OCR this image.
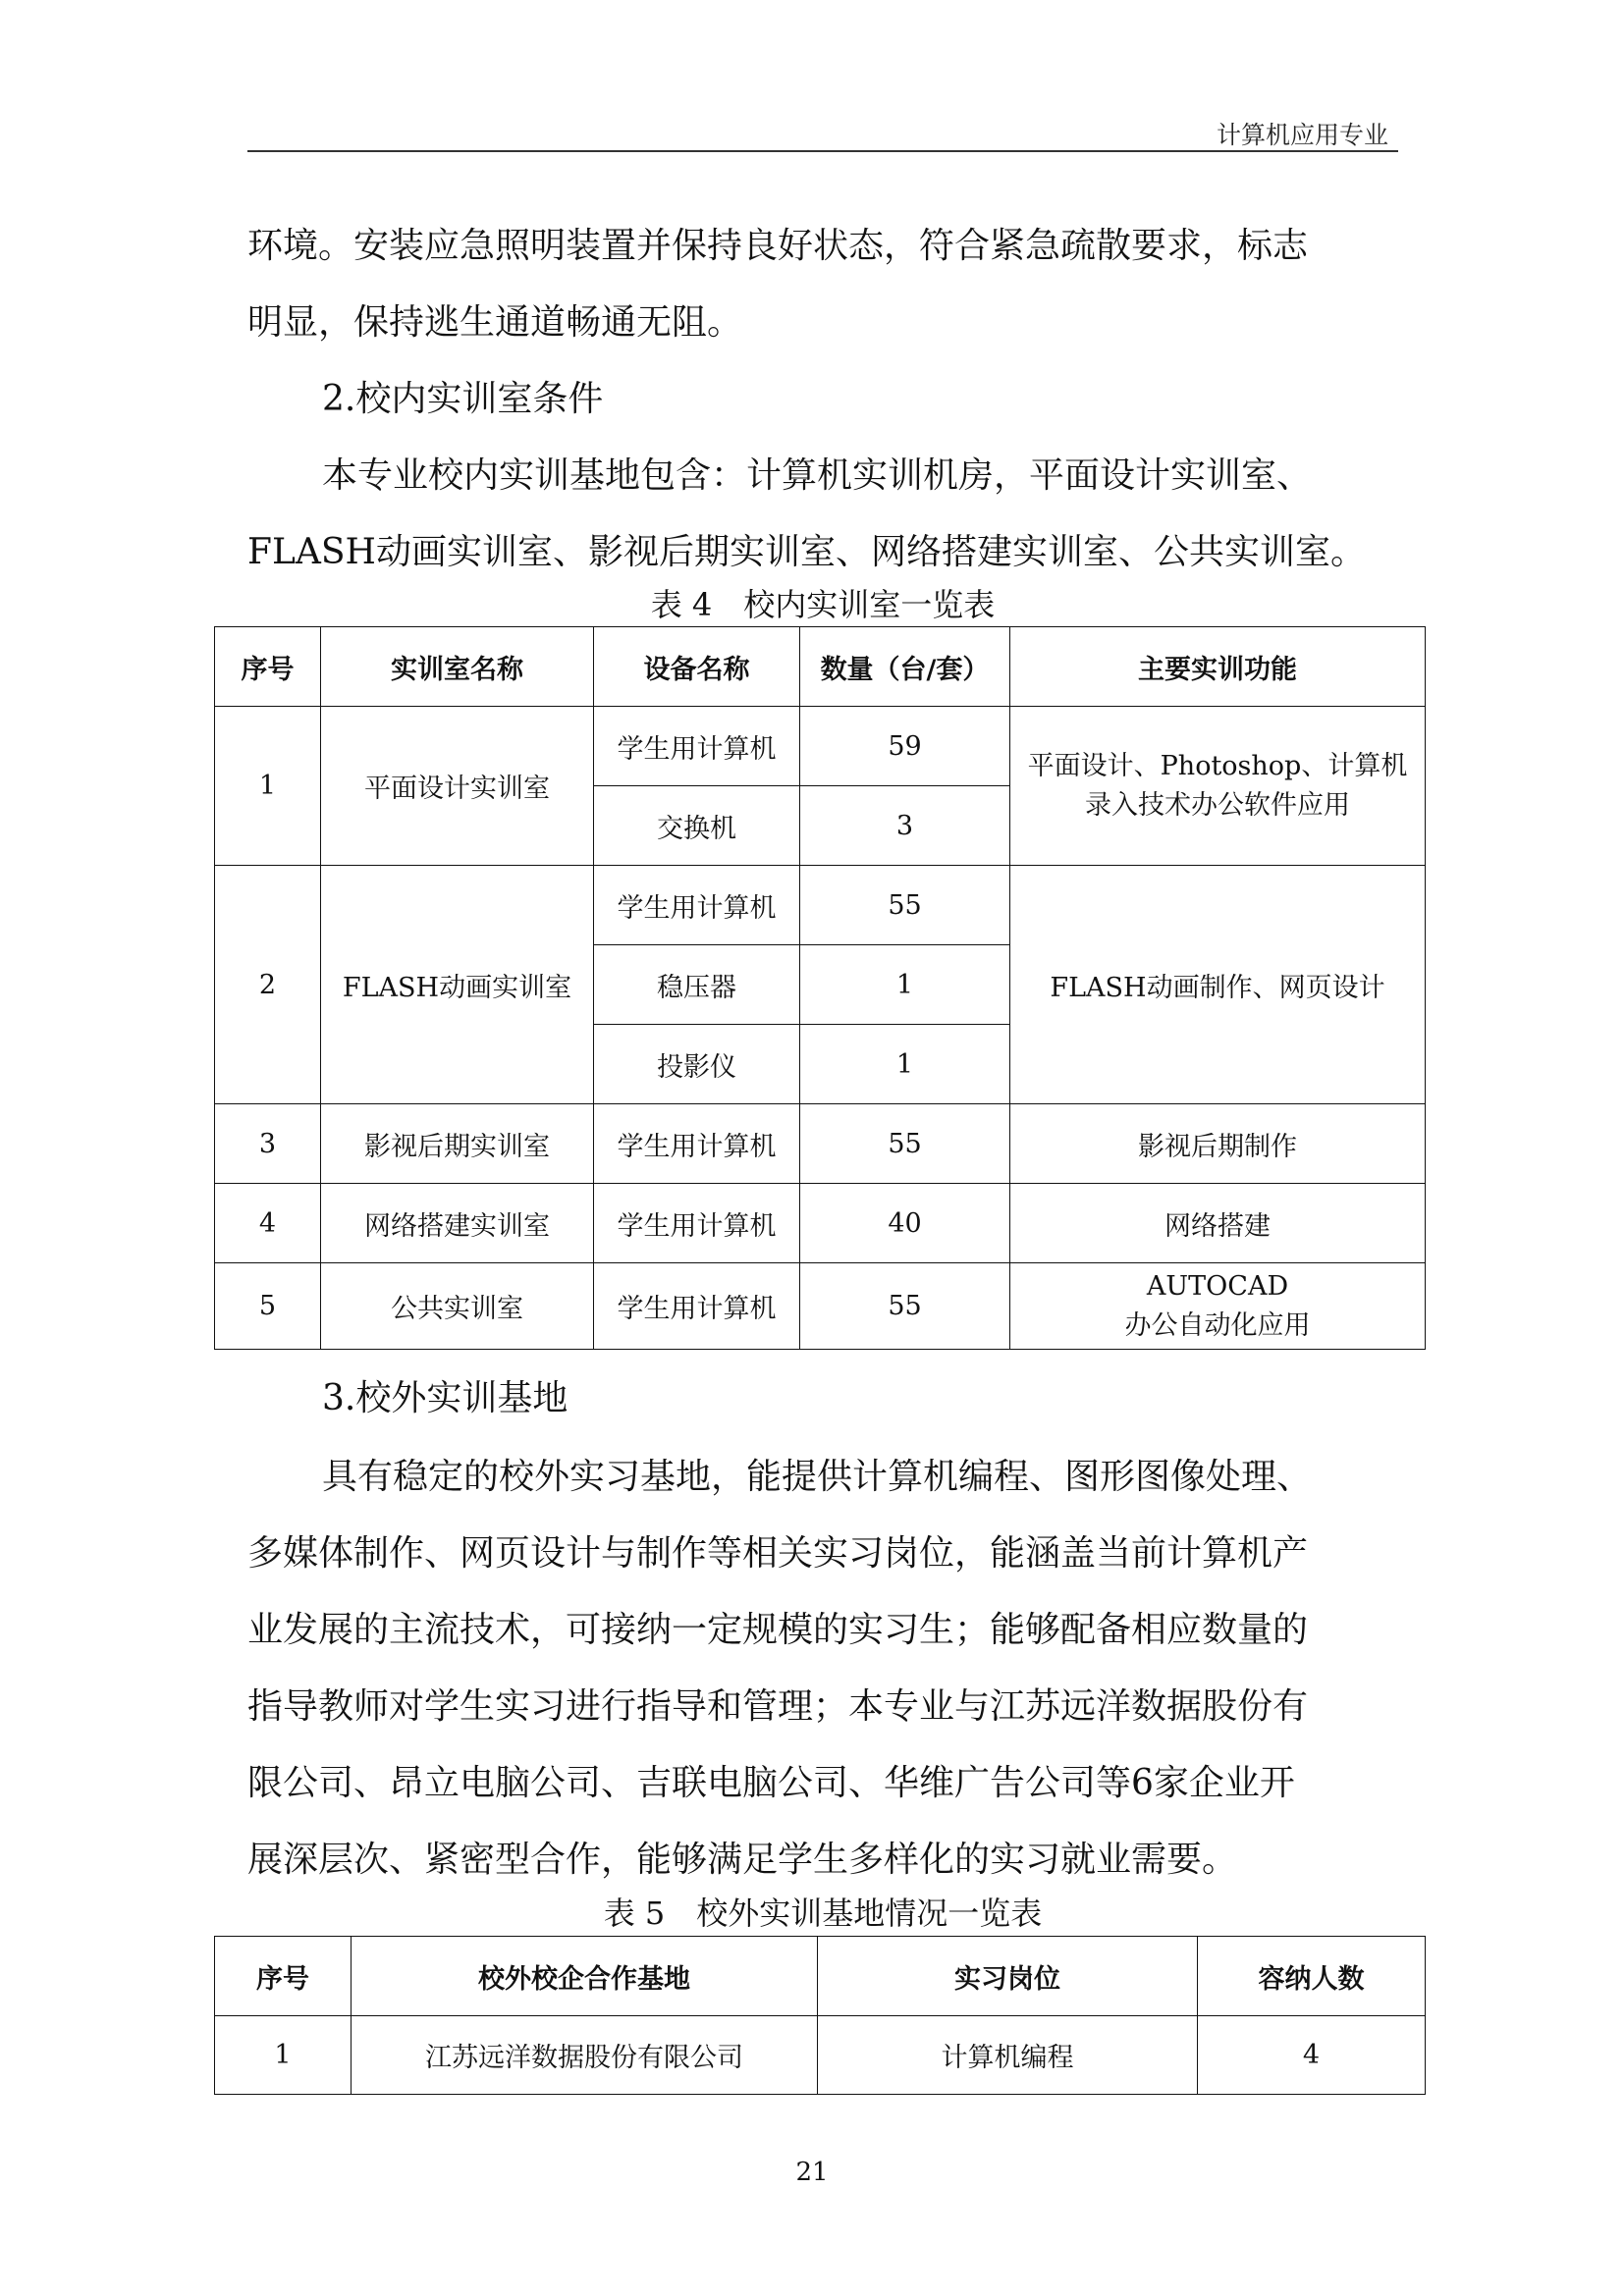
计算机应用专业

环境。安装应急照明装置并保持良好状态，符合紧急疏散要求，标志
明显，保持逃生通道畅通无阻。

2.校内实训室条件

本专业校内实训基地包含：计算机实训机房，平面设计实训室、
FLASH动画实训室、影视后期实训室、网络搭建实训室、公共实训室。

表 4　校内实训室一览表
序号	实训室名称	设备名称	数量（台/套）	主要实训功能
1	平面设计实训室	学生用计算机	59	平面设计、Photoshop、计算机
录入技术办公软件应用
		交换机	3	
2	FLASH动画实训室	学生用计算机	55	FLASH动画制作、网页设计
		稳压器	1	
		投影仪	1	
3	影视后期实训室	学生用计算机	55	影视后期制作
4	网络搭建实训室	学生用计算机	40	网络搭建
5	公共实训室	学生用计算机	55	AUTOCAD
办公自动化应用
3.校外实训基地

具有稳定的校外实习基地，能提供计算机编程、图形图像处理、
多媒体制作、网页设计与制作等相关实习岗位，能涵盖当前计算机产
业发展的主流技术，可接纳一定规模的实习生；能够配备相应数量的
指导教师对学生实习进行指导和管理；本专业与江苏远洋数据股份有
限公司、昂立电脑公司、吉联电脑公司、华维广告公司等6家企业开
展深层次、紧密型合作，能够满足学生多样化的实习就业需要。

表 5　校外实训基地情况一览表
序号	校外校企合作基地	实习岗位	容纳人数
1	江苏远洋数据股份有限公司	计算机编程	4
21
